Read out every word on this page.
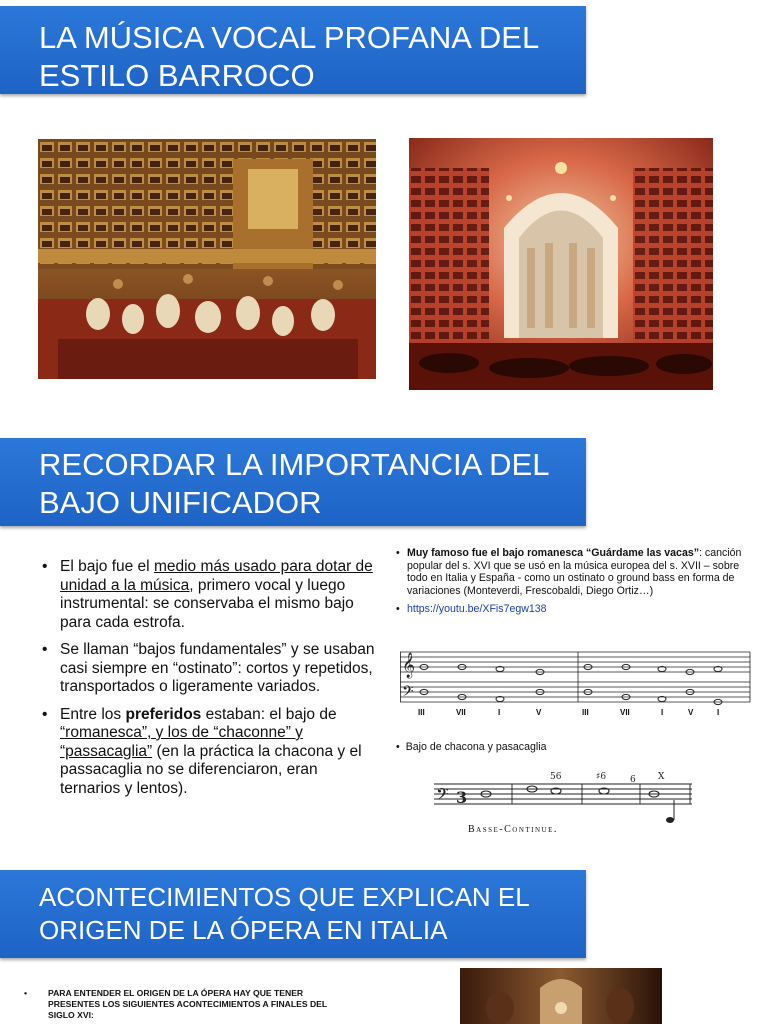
LA MÚSICA VOCAL PROFANA DEL ESTILO BARROCO
RECORDAR LA IMPORTANCIA DEL BAJO UNIFICADOR
• El bajo fue el medio más usado para dotar de unidad a la música, primero vocal y luego instrumental: se conservaba el mismo bajo para cada estrofa.
• Se llaman “bajos fundamentales” y se usaban casi siempre en “ostinato”: cortos y repetidos, transportados o ligeramente variados.
• Entre los preferidos estaban: el bajo de “romanesca”, y los de “chaconne” y “passacaglia” (en la práctica la chacona y el passacaglia no se diferenciaron, eran ternarios y lentos).
• Muy famoso fue el bajo romanesca “Guárdame las vacas”: canción popular del s. XVI que se usó en la música europea del s. XVII – sobre todo en Italia y España - como un ostinato o ground bass en forma de variaciones (Monteverdi, Frescobaldi, Diego Ortiz…)
• https://youtu.be/XFis7egw138
𝄞
𝄢
III	VII	I	V	III	VII	I	V	I
• Bajo de chacona y pasacaglia
𝄢 3
56	♯6	6 X
Basse-Continue.
ACONTECIMIENTOS QUE EXPLICAN EL ORIGEN DE LA ÓPERA EN ITALIA
•	PARA ENTENDER EL ORIGEN DE LA ÓPERA HAY QUE TENER PRESENTES LOS SIGUIENTES ACONTECIMIENTOS A FINALES DEL SIGLO XVI:
